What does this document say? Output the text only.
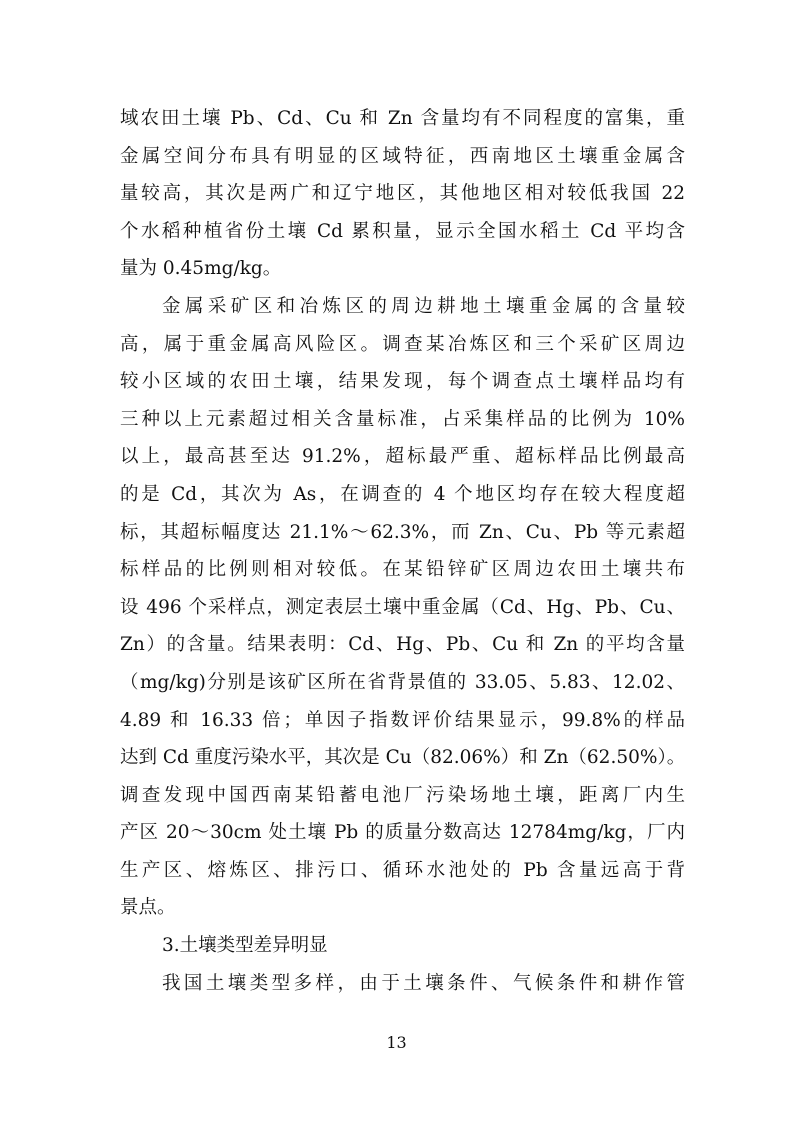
域农田土壤 Pb、Cd、Cu 和 Zn 含量均有不同程度的富集，重
金属空间分布具有明显的区域特征，西南地区土壤重金属含
量较高，其次是两广和辽宁地区，其他地区相对较低我国 22
个水稻种植省份土壤 Cd 累积量，显示全国水稻土 Cd 平均含
量为 0.45mg/kg。
金属采矿区和冶炼区的周边耕地土壤重金属的含量较
高，属于重金属高风险区。调查某冶炼区和三个采矿区周边
较小区域的农田土壤，结果发现，每个调查点土壤样品均有
三种以上元素超过相关含量标准，占采集样品的比例为 10%
以上，最高甚至达 91.2%，超标最严重、超标样品比例最高
的是 Cd，其次为 As，在调查的 4 个地区均存在较大程度超
标，其超标幅度达 21.1%～62.3%，而 Zn、Cu、Pb 等元素超
标样品的比例则相对较低。在某铅锌矿区周边农田土壤共布
设 496 个采样点，测定表层土壤中重金属（Cd、Hg、Pb、Cu、
Zn）的含量。结果表明：Cd、Hg、Pb、Cu 和 Zn 的平均含量
（mg/kg)分别是该矿区所在省背景值的 33.05、5.83、12.02、
4.89 和 16.33 倍；单因子指数评价结果显示，99.8%的样品
达到 Cd 重度污染水平，其次是 Cu（82.06%）和 Zn（62.50%）。
调查发现中国西南某铅蓄电池厂污染场地土壤，距离厂内生
产区 20～30cm 处土壤 Pb 的质量分数高达 12784mg/kg，厂内
生产区、熔炼区、排污口、循环水池处的 Pb 含量远高于背
景点。
3.土壤类型差异明显
我国土壤类型多样，由于土壤条件、气候条件和耕作管
13
